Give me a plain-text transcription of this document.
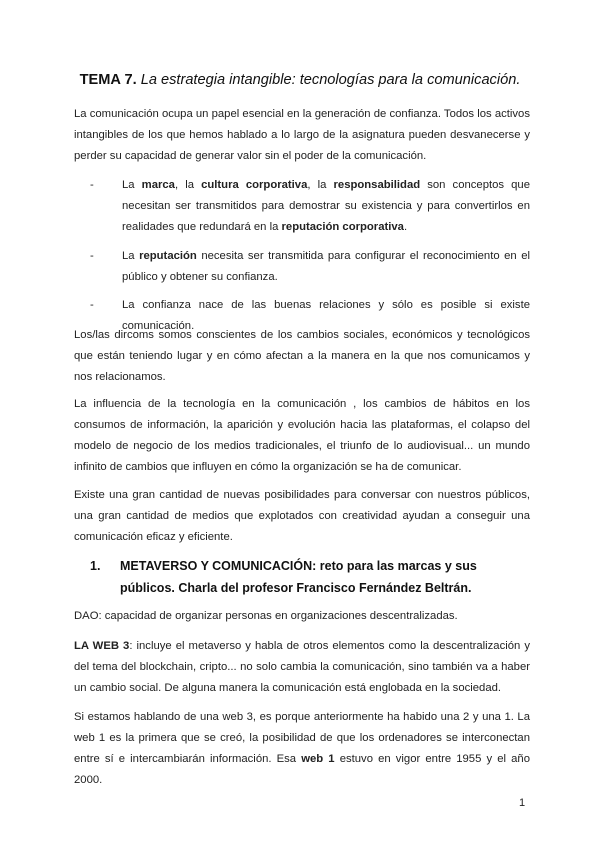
TEMA 7. La estrategia intangible: tecnologías para la comunicación.
La comunicación ocupa un papel esencial en la generación de confianza. Todos los activos intangibles de los que hemos hablado a lo largo de la asignatura pueden desvanecerse y perder su capacidad de generar valor sin el poder de la comunicación.
- La marca, la cultura corporativa, la responsabilidad son conceptos que necesitan ser transmitidos para demostrar su existencia y para convertirlos en realidades que redundará en la reputación corporativa.
- La reputación necesita ser transmitida para configurar el reconocimiento en el público y obtener su confianza.
- La confianza nace de las buenas relaciones y sólo es posible si existe comunicación.
Los/las dircoms somos conscientes de los cambios sociales, económicos y tecnológicos que están teniendo lugar y en cómo afectan a la manera en la que nos comunicamos y nos relacionamos.
La influencia de la tecnología en la comunicación , los cambios de hábitos en los consumos de información, la aparición y evolución hacia las plataformas, el colapso del modelo de negocio de los medios tradicionales, el triunfo de lo audiovisual... un mundo infinito de cambios que influyen en cómo la organización se ha de comunicar.
Existe una gran cantidad de nuevas posibilidades para conversar con nuestros públicos, una gran cantidad de medios que explotados con creatividad ayudan a conseguir una comunicación eficaz y eficiente.
1. METAVERSO Y COMUNICACIÓN: reto para las marcas y sus públicos. Charla del profesor Francisco Fernández Beltrán.
DAO: capacidad de organizar personas en organizaciones descentralizadas.
LA WEB 3: incluye el metaverso y habla de otros elementos como la descentralización y del tema del blockchain, cripto... no solo cambia la comunicación, sino también va a haber un cambio social. De alguna manera la comunicación está englobada en la sociedad.
Si estamos hablando de una web 3, es porque anteriormente ha habido una 2 y una 1. La web 1 es la primera que se creó, la posibilidad de que los ordenadores se interconectan entre sí e intercambiarán información. Esa web 1 estuvo en vigor entre 1955 y el año 2000.
1
